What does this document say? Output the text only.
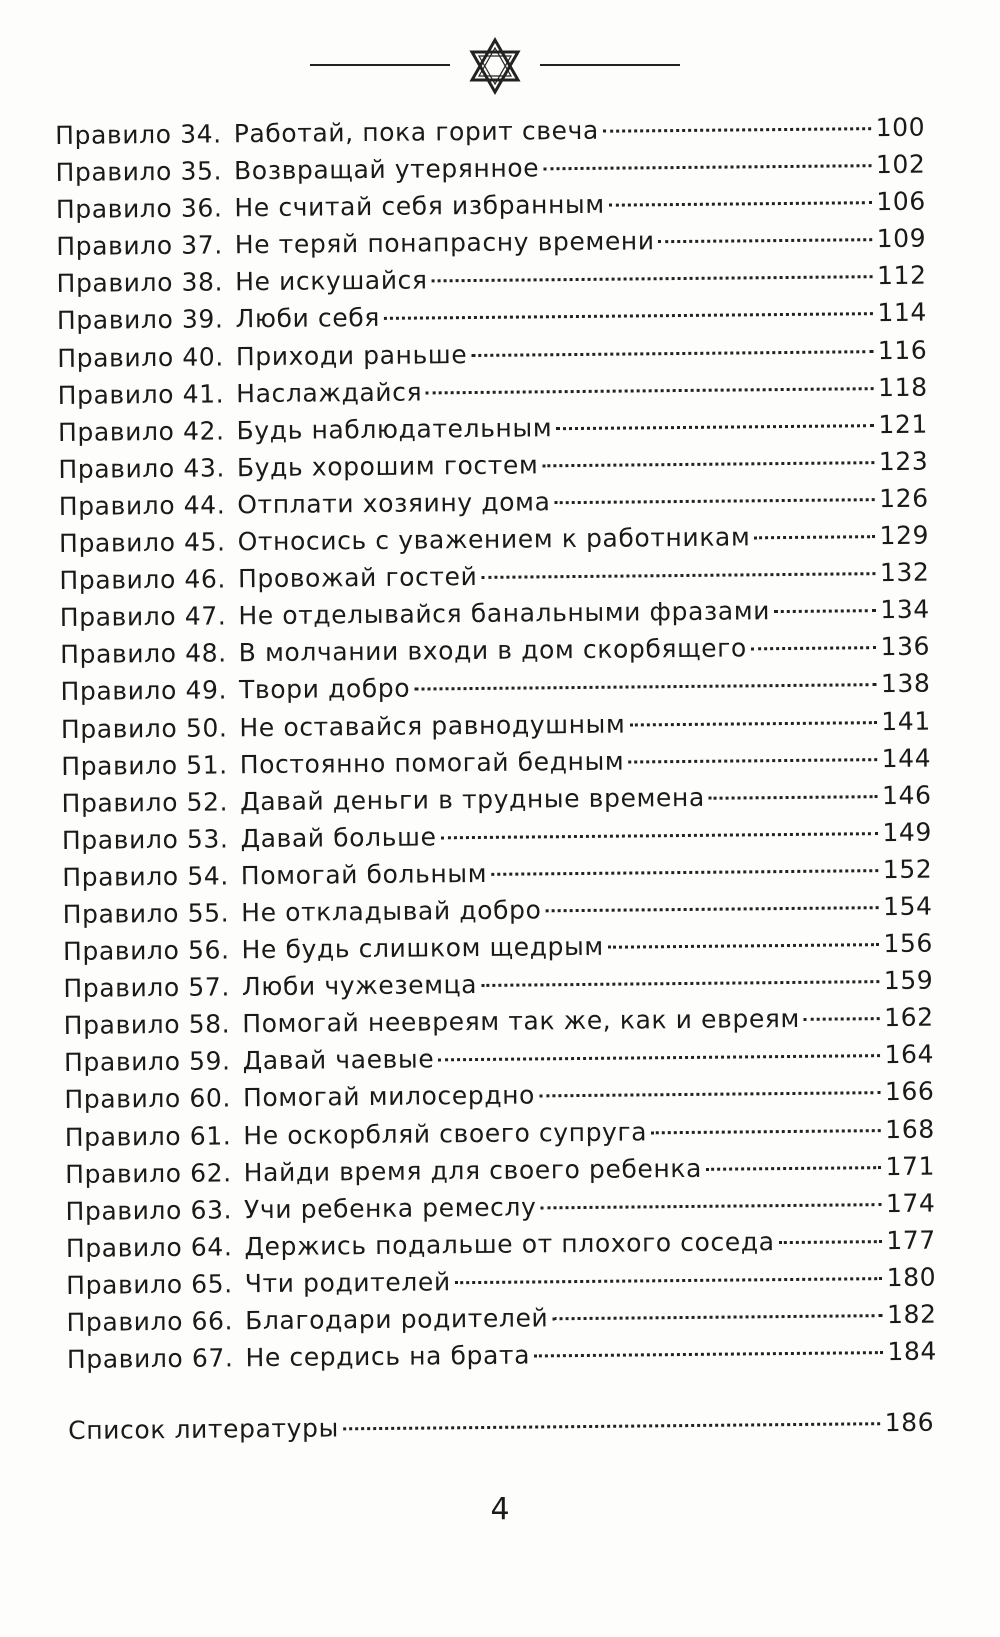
Правило 34. Работай, пока горит свеча	100
Правило 35. Возвращай утерянное	102
Правило 36. Не считай себя избранным	106
Правило 37. Не теряй понапрасну времени	109
Правило 38. Не искушайся	112
Правило 39. Люби себя	114
Правило 40. Приходи раньше	116
Правило 41. Наслаждайся	118
Правило 42. Будь наблюдательным	121
Правило 43. Будь хорошим гостем	123
Правило 44. Отплати хозяину дома	126
Правило 45. Относись с уважением к работникам	129
Правило 46. Провожай гостей	132
Правило 47. Не отделывайся банальными фразами	134
Правило 48. В молчании входи в дом скорбящего	136
Правило 49. Твори добро	138
Правило 50. Не оставайся равнодушным	141
Правило 51. Постоянно помогай бедным	144
Правило 52. Давай деньги в трудные времена	146
Правило 53. Давай больше	149
Правило 54. Помогай больным	152
Правило 55. Не откладывай добро	154
Правило 56. Не будь слишком щедрым	156
Правило 57. Люби чужеземца	159
Правило 58. Помогай неевреям так же, как и евреям	162
Правило 59. Давай чаевые	164
Правило 60. Помогай милосердно	166
Правило 61. Не оскорбляй своего супруга	168
Правило 62. Найди время для своего ребенка	171
Правило 63. Учи ребенка ремеслу	174
Правило 64. Держись подальше от плохого соседа	177
Правило 65. Чти родителей	180
Правило 66. Благодари родителей	182
Правило 67. Не сердись на брата	184
Список литературы	186
4
